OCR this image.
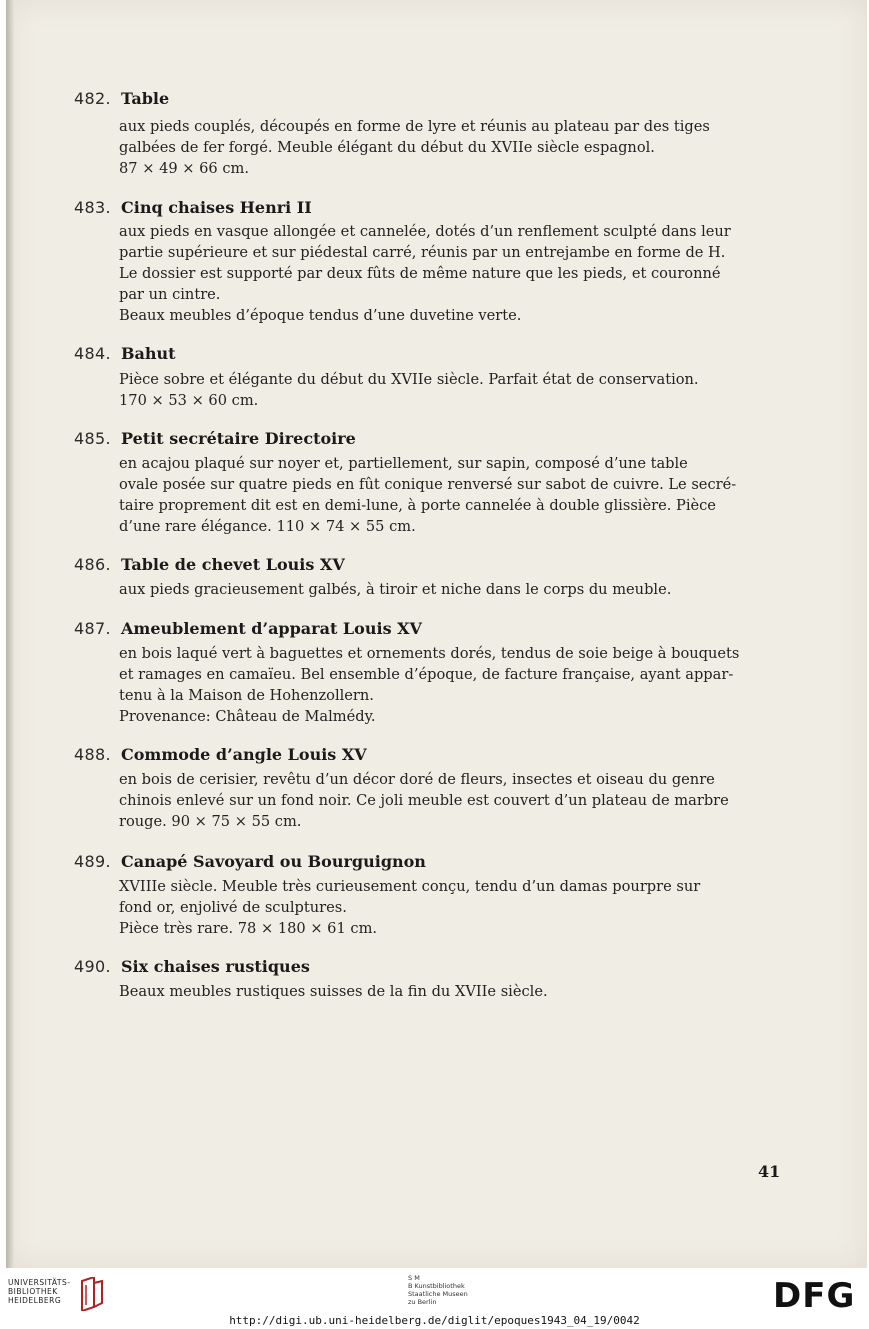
482. Table
aux pieds couplés, découpés en forme de lyre et réunis au plateau par des tiges
galbées de fer forgé. Meuble élégant du début du XVIIe siècle espagnol.
87 × 49 × 66 cm.
483. Cinq chaises Henri II
aux pieds en vasque allongée et cannelée, dotés d’un renflement sculpté dans leur
partie supérieure et sur piédestal carré, réunis par un entrejambe en forme de H.
Le dossier est supporté par deux fûts de même nature que les pieds, et couronné
par un cintre.
Beaux meubles d’époque tendus d’une duvetine verte.
484. Bahut
Pièce sobre et élégante du début du XVIIe siècle. Parfait état de conservation.
170 × 53 × 60 cm.
485. Petit secrétaire Directoire
en acajou plaqué sur noyer et, partiellement, sur sapin, composé d’une table
ovale posée sur quatre pieds en fût conique renversé sur sabot de cuivre. Le secré-
taire proprement dit est en demi-lune, à porte cannelée à double glissière. Pièce
d’une rare élégance. 110 × 74 × 55 cm.
486. Table de chevet Louis XV
aux pieds gracieusement galbés, à tiroir et niche dans le corps du meuble.
487. Ameublement d’apparat Louis XV
en bois laqué vert à baguettes et ornements dorés, tendus de soie beige à bouquets
et ramages en camaïeu. Bel ensemble d’époque, de facture française, ayant appar-
tenu à la Maison de Hohenzollern.
Provenance: Château de Malmédy.
488. Commode d’angle Louis XV
en bois de cerisier, revêtu d’un décor doré de fleurs, insectes et oiseau du genre
chinois enlevé sur un fond noir. Ce joli meuble est couvert d’un plateau de marbre
rouge. 90 × 75 × 55 cm.
489. Canapé Savoyard ou Bourguignon
XVIIIe siècle. Meuble très curieusement conçu, tendu d’un damas pourpre sur
fond or, enjolivé de sculptures.
Pièce très rare. 78 × 180 × 61 cm.
490. Six chaises rustiques
Beaux meubles rustiques suisses de la fin du XVIIe siècle.
41
UNIVERSITÄTS-
BIBLIOTHEK
HEIDELBERG
S M
B Kunstbibliothek
Staatliche Museen
zu Berlin	DFG
http://digi.ub.uni-heidelberg.de/diglit/epoques1943_04_19/0042
